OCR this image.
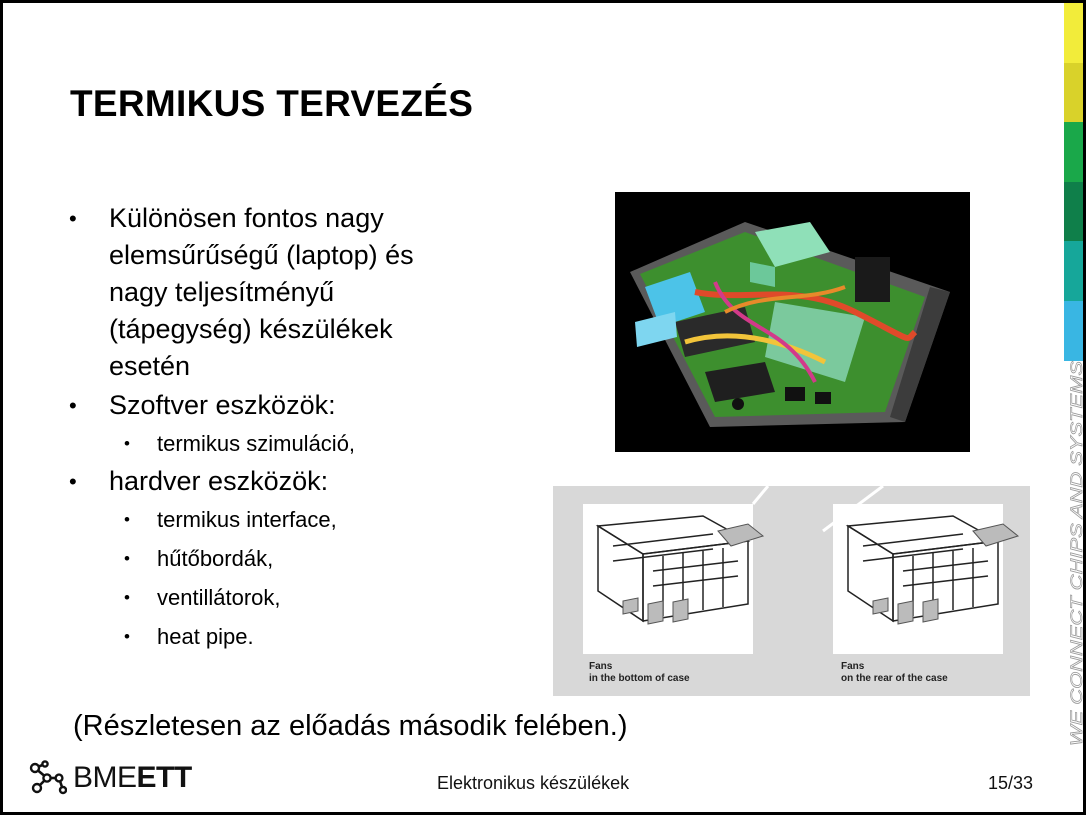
TERMIKUS TERVEZÉS
• Különösen fontos nagy
elemsűrűségű (laptop) és
nagy teljesítményű
(tápegység) készülékek
esetén
• Szoftver eszközök:
• termikus szimuláció,
• hardver eszközök:
• termikus interface,
• hűtőbordák,
• ventillátorok,
• heat pipe.
(Részletesen az előadás második felében.)
Fans
in the bottom of case
Fans
on the rear of the case	WE CONNECT CHIPS AND SYSTEMS
BMEETT	Elektronikus készülékek	15/33
